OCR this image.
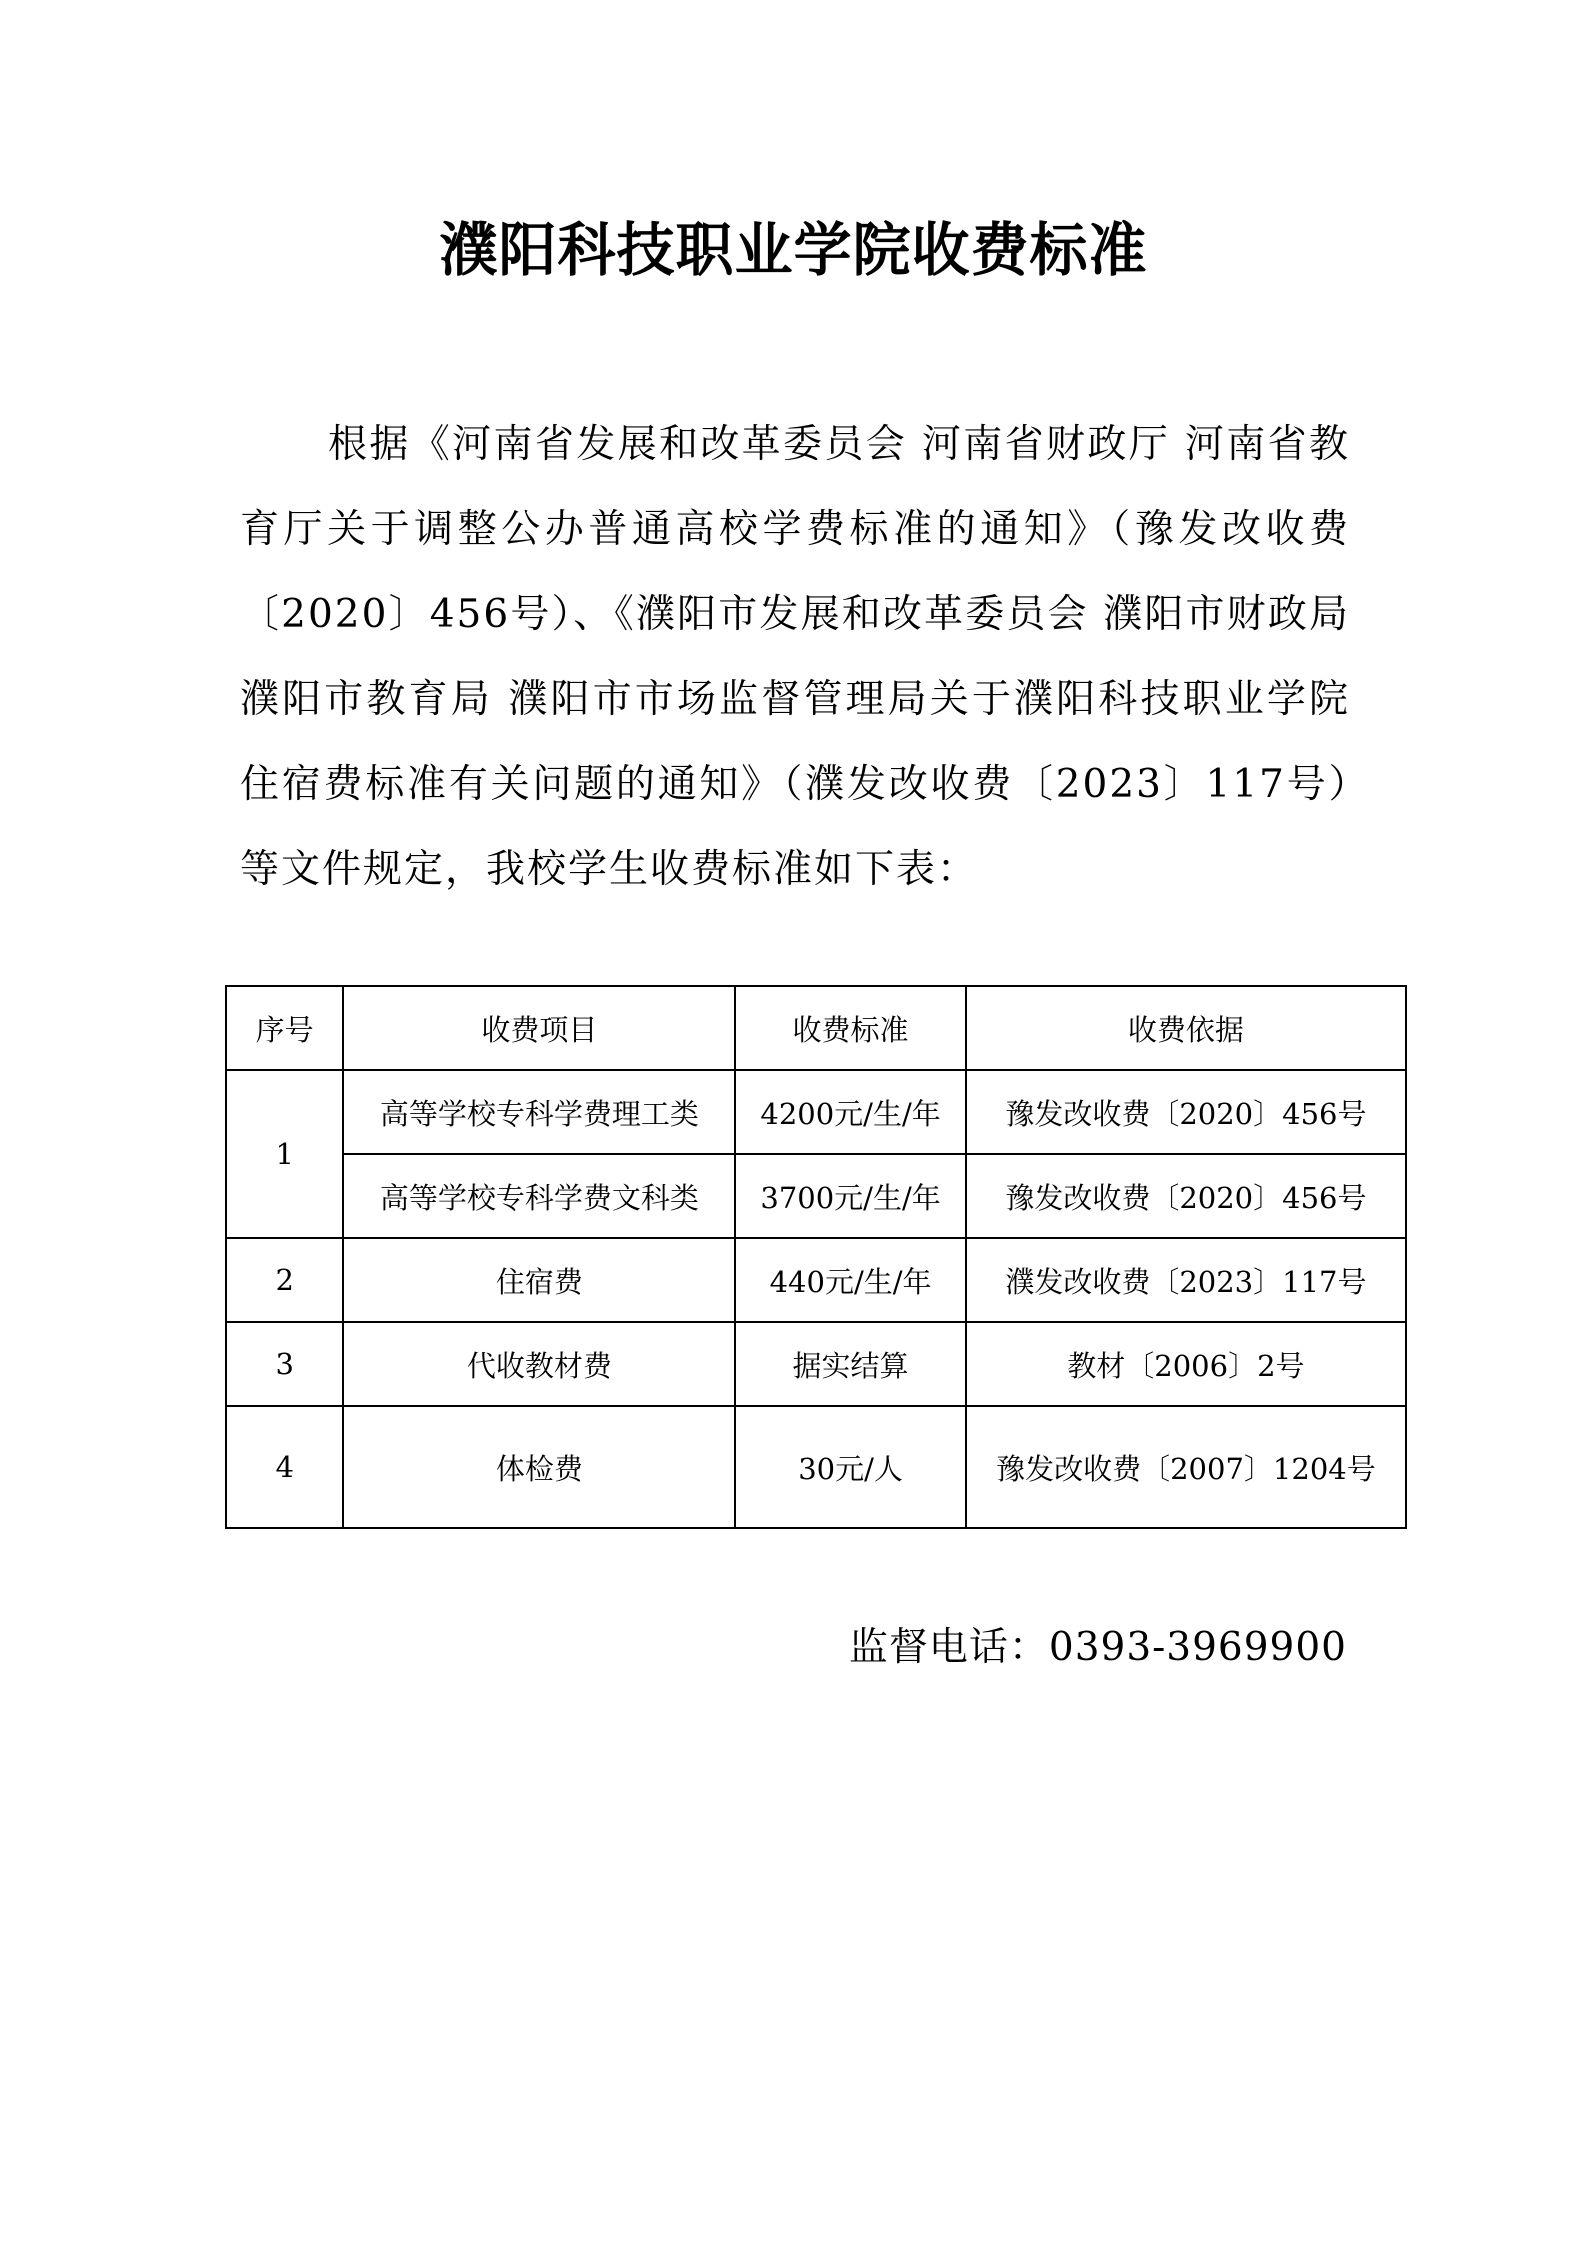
濮阳科技职业学院收费标准

根据《河南省发展和改革委员会 河南省财政厅 河南省教育厅关于调整公办普通高校学费标准的通知》（豫发改收费〔2020〕456号）、《濮阳市发展和改革委员会 濮阳市财政局 濮阳市教育局 濮阳市市场监督管理局关于濮阳科技职业学院住宿费标准有关问题的通知》（濮发改收费〔2023〕117号）等文件规定，我校学生收费标准如下表：

序号	收费项目	收费标准	收费依据
1	高等学校专科学费理工类	4200元/生/年	豫发改收费〔2020〕456号
	高等学校专科学费文科类	3700元/生/年	豫发改收费〔2020〕456号
2	住宿费	440元/生/年	濮发改收费〔2023〕117号
3	代收教材费	据实结算	教材〔2006〕2号
4	体检费	30元/人	豫发改收费〔2007〕1204号
监督电话：0393-3969900
